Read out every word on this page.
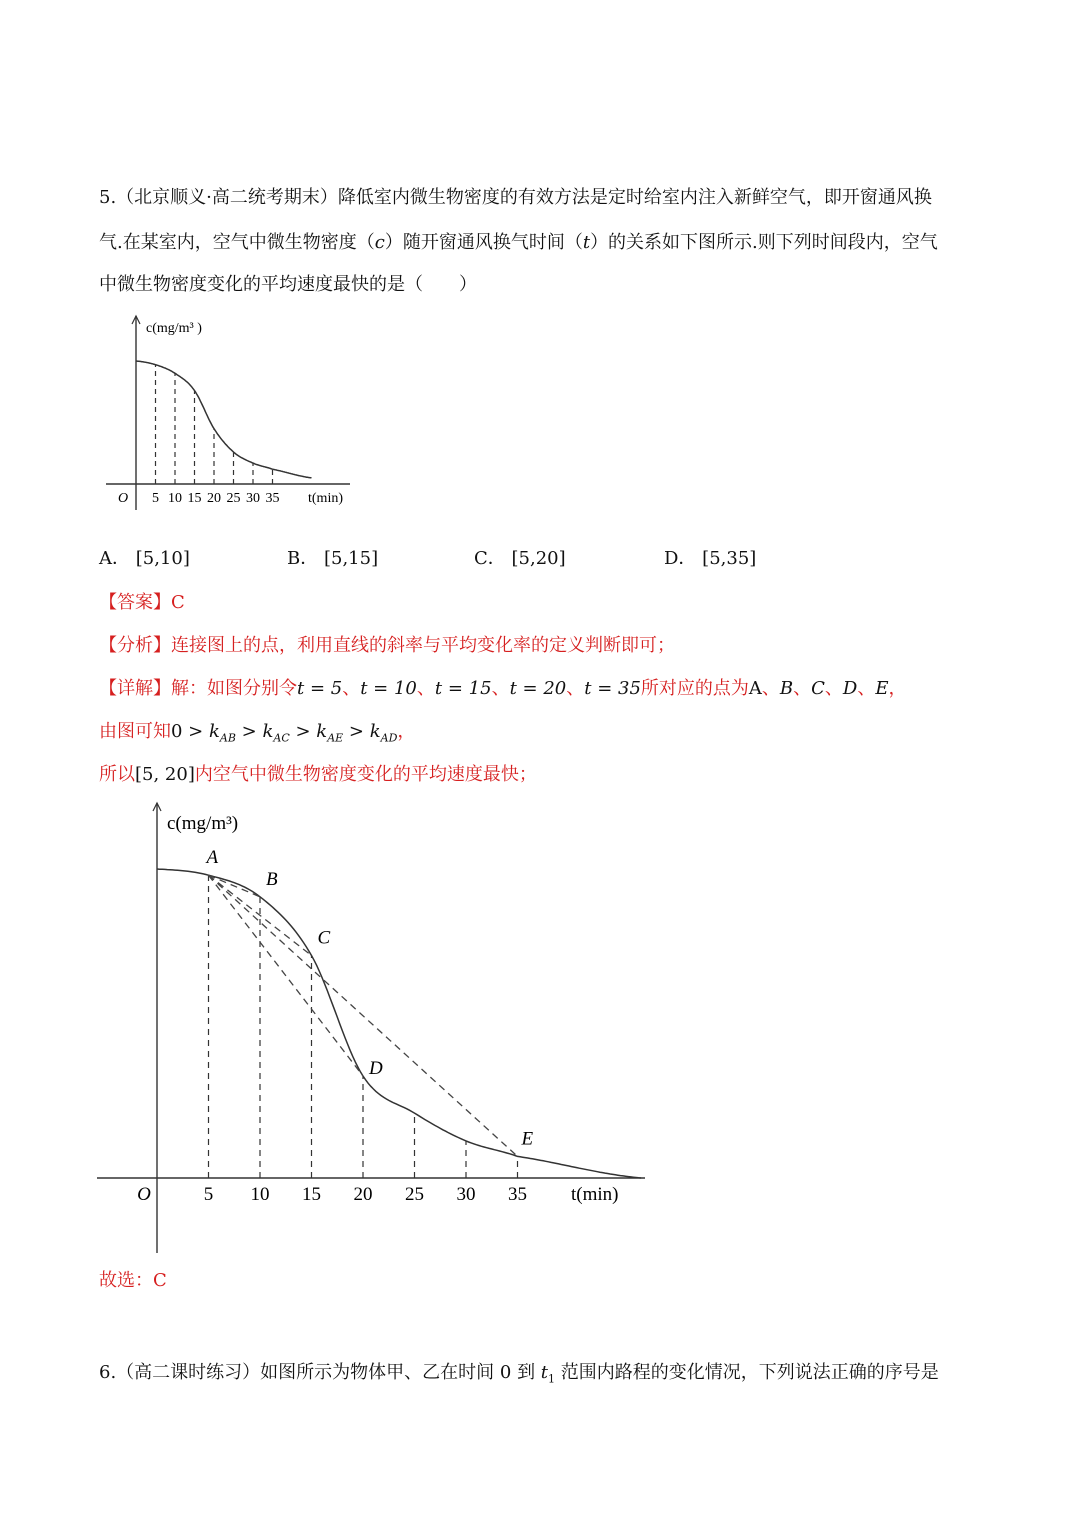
5.（北京顺义·高二统考期末）降低室内微生物密度的有效方法是定时给室内注入新鲜空气，即开窗通风换
气.在某室内，空气中微生物密度（c）随开窗通风换气时间（t）的关系如下图所示.则下列时间段内，空气
中微生物密度变化的平均速度最快的是（　　）
5 10 15 20 25 30 35
O	t(min)
c(mg/m³ )
A． [5,10]	B． [5,15]	C． [5,20]	D． [5,35]
【答案】C
【分析】连接图上的点，利用直线的斜率与平均变化率的定义判断即可；
【详解】解：如图分别令t = 5、t = 10、t = 15、t = 20、t = 35所对应的点为A、B、C、D、E，
由图可知$0 > k_{AB} > k_{AC} > k_{AE} > k_{AD}$，
所以[5, 20]内空气中微生物密度变化的平均速度最快；
5 10 15 20 25 30 35
O	t(min)
c(mg/m³)
A
B
C
D
E
故选：C
6.（高二课时练习）如图所示为物体甲、乙在时间 0 到 $t_1$ 范围内路程的变化情况，下列说法正确的序号是
